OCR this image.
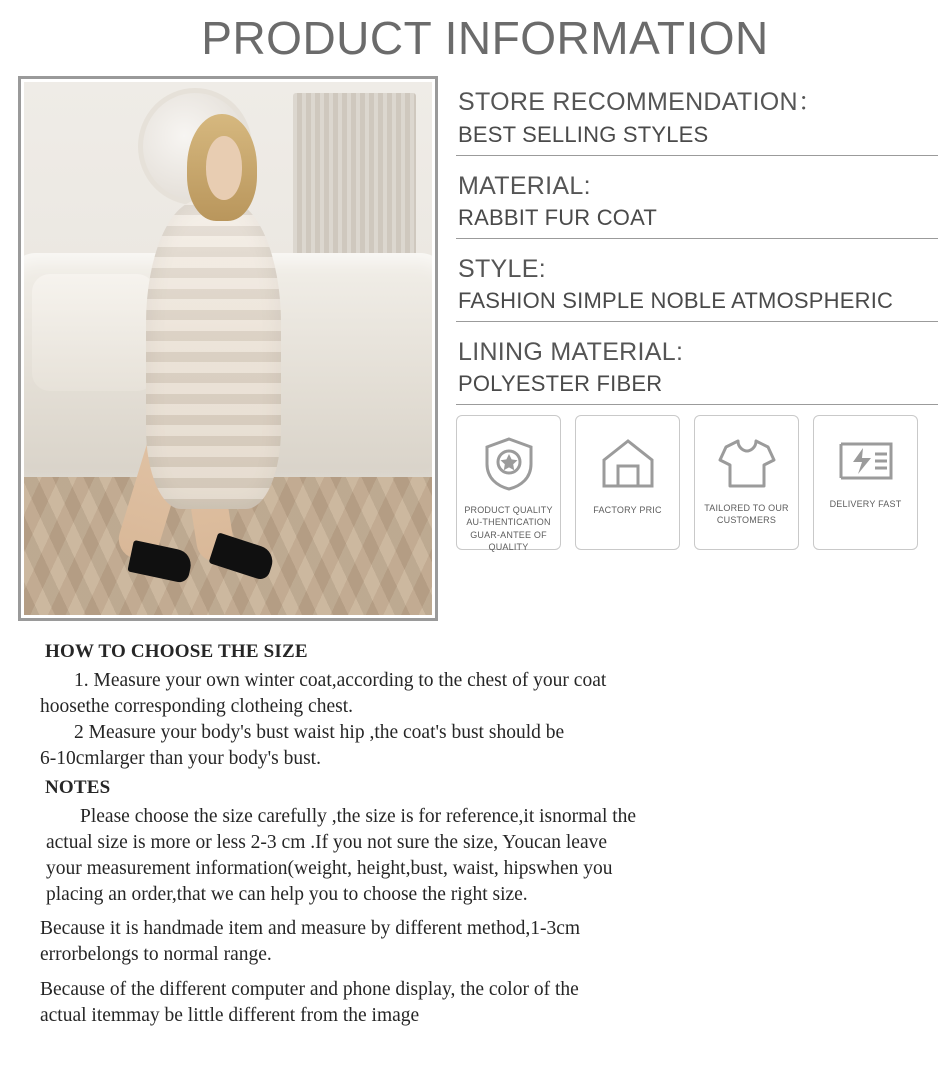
PRODUCT INFORMATION
STORE RECOMMENDATION：
BEST SELLING STYLES
MATERIAL:
RABBIT FUR COAT
STYLE:
FASHION SIMPLE NOBLE ATMOSPHERIC
LINING MATERIAL:
POLYESTER FIBER
PRODUCT QUALITY AU-THENTICATION GUAR-ANTEE OF QUALITY
FACTORY PRIC	TAILORED TO OUR CUSTOMERS
DELIVERY FAST
HOW TO CHOOSE THE SIZE

1. Measure your own winter coat,according to the chest of your coat

hoosethe corresponding clotheing chest.

2 Measure your body's bust waist hip ,the coat's bust should be

6-10cmlarger than your body's bust.

NOTES

Please choose the size carefully ,the size is for reference,it isnormal the

actual size is more or less 2-3 cm .If you not sure the size, Youcan leave

your measurement information(weight, height,bust, waist, hipswhen you

placing an order,that we can help you to choose the right size.

Because it is handmade item and measure by different method,1-3cm

errorbelongs to normal range.

Because of the different computer and phone display, the color of the

actual itemmay be little different from the image
